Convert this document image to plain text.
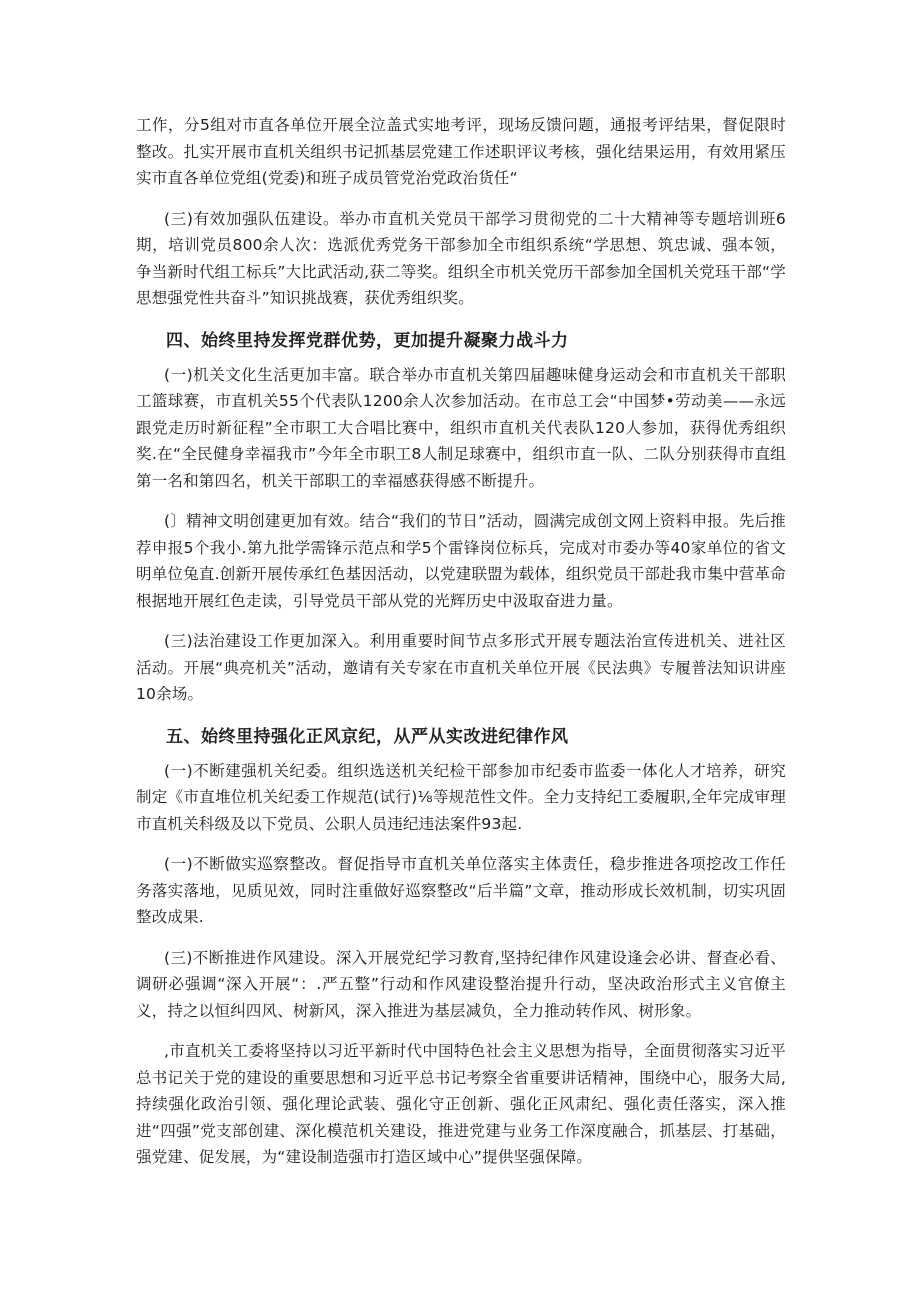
工作，分5组对市直各单位开展全泣盖式实地考评，现场反馈问题，通报考评结果，督促限时整改。扎实开展市直机关组织书记抓基层党建工作述职评议考核，强化结果运用，有效用紧压实市直各单位党组(党委)和班子成员管党治党政治货任“

(三)有效加强队伍建设。举办市直机关党员干部学习贯彻党的二十大精神等专题培训班6期，培训党员800余人次：选派优秀党务干部参加全市组织系统“学思想、筑忠诚、强本领，争当新时代组工标兵”大比武活动,获二等奖。组织全市机关党历干部参加全国机关党珏干部“学思想强党性共奋斗”知识挑战赛，获优秀组织奖。

四、始终里持发挥党群优势，更加提升凝聚力战斗力

(一)机关文化生活更加丰富。联合举办市直机关第四届趣味健身运动会和市直机关干部职工篮球赛，市直机关55个代表队1200余人次参加活动。在市总工会“中国梦•劳动美——永远跟党走历时新征程”全市职工大合唱比赛中，组织市直机关代表队120人参加，获得优秀组织奖.在“全民健身幸福我市”今年全市职工8人制足球赛中，组织市直一队、二队分别获得市直组第一名和第四名，机关干部职工的幸福感获得感不断提升。

(〕精神文明创建更加有效。结合“我们的节日”活动，圆满完成创文网上资料申报。先后推荐申报5个我小.第九批学需锋示范点和学5个雷锋岗位标兵，完成对市委办等40家单位的省文明单位兔直.创新开展传承红色基因活动，以党建联盟为载体，组织党员干部赴我市集中营革命根据地开展红色走读，引导党员干部从党的光辉历史中汲取奋进力量。

(三)法治建设工作更加深入。利用重要时间节点多形式开展专题法治宣传进机关、进社区活动。开展“典亮机关”活动，邀请有关专家在市直机关单位开展《民法典》专履普法知识讲座10余场。

五、始终里持强化正风京纪，从严从实改进纪律作风

(一)不断建强机关纪委。组织选送机关纪检干部参加市纪委市监委一体化人才培养，研究制定《市直堆位机关纪委工作规范(试行)⅛等规范性文件。全力支持纪工委履职,全年完成审理市直机关科级及以下党员、公职人员违纪违法案件93起.

(一)不断做实巡察整改。督促指导市直机关单位落实主体责任，稳步推进各项挖改工作任务落实落地，见质见效，同时注重做好巡察整改“后半篇”文章，推动形成长效机制，切实巩固整改成果.

(三)不断推进作风建设。深入开展党纪学习教育,坚持纪律作风建设逢会必讲、督查必看、调研必强调“深入开展“：.严五整”行动和作风建设整治提升行动，坚决政治形式主义官僚主义，持之以恒纠四风、树新风，深入推进为基层减负，全力推动转作风、树形象。

,市直机关工委将坚持以习近平新时代中国特色社会主义思想为指导，全面贯彻落实习近平总书记关于党的建设的重要思想和习近平总书记考察全省重要讲话精神，围绕中心，服务大局,持续强化政治引领、强化理论武装、强化守正创新、强化正风肃纪、强化责任落实，深入推进“四强”党支部创建、深化模范机关建设，推进党建与业务工作深度融合，抓基层、打基础，强党建、促发展，为“建设制造强市打造区域中心”提供坚强保障。
